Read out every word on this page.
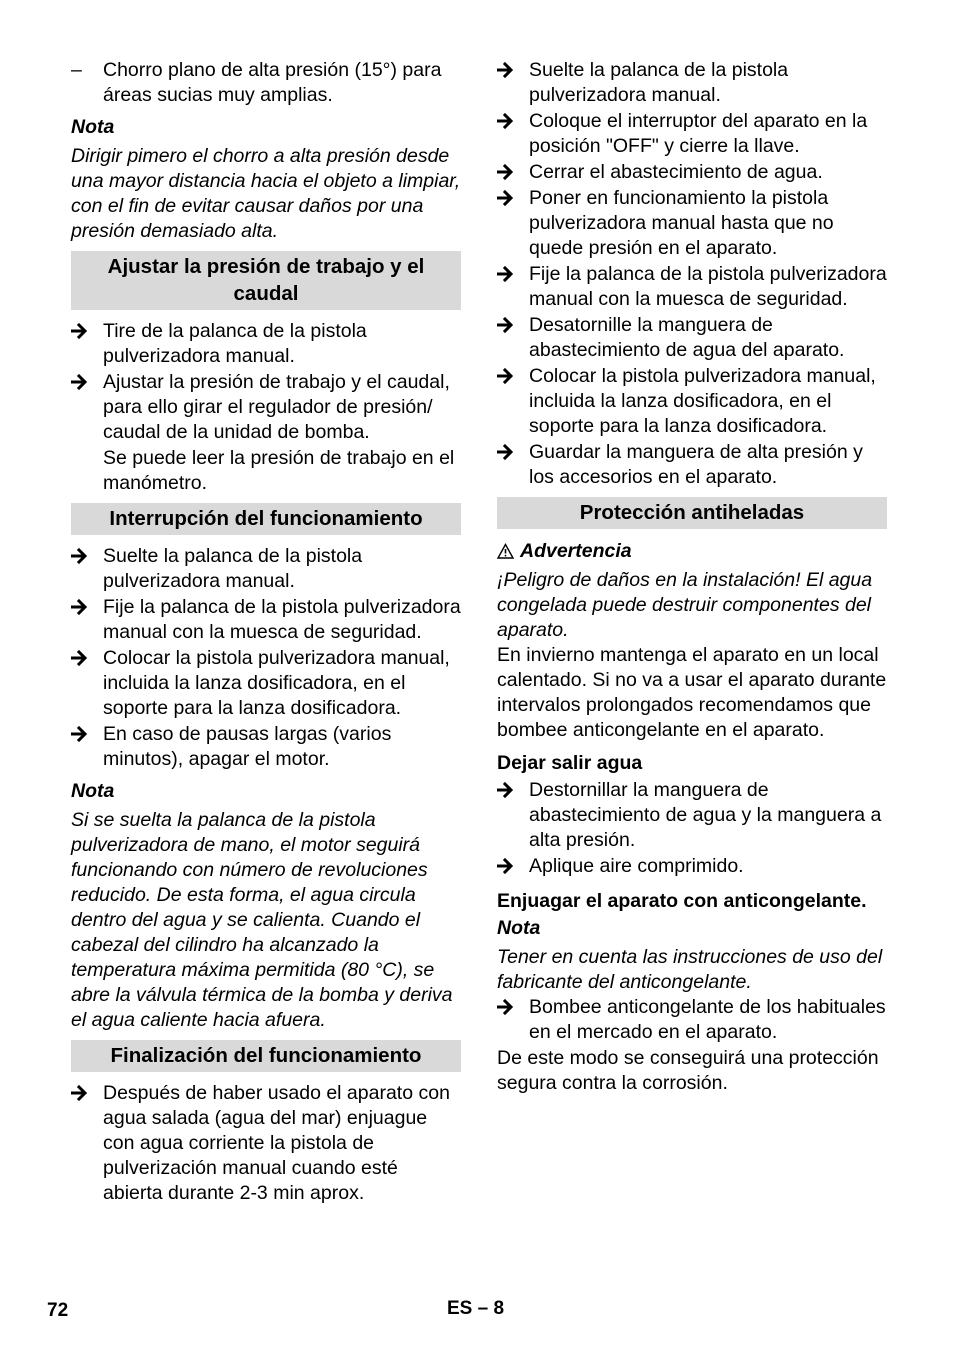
– Chorro plano de alta presión (15°) para áreas sucias muy amplias.
Nota
Dirigir pimero el chorro a alta presión desde una mayor distancia hacia el objeto a limpiar, con el fin de evitar causar daños por una presión demasiado alta.
Ajustar la presión de trabajo y el caudal
Tire de la palanca de la pistola pulverizadora manual.
Ajustar la presión de trabajo y el caudal, para ello girar el regulador de presión/ caudal de la unidad de bomba.
Se puede leer la presión de trabajo en el manómetro.
Interrupción del funcionamiento
Suelte la palanca de la pistola pulverizadora manual.
Fije la palanca de la pistola pulverizadora manual con la muesca de seguridad.
Colocar la pistola pulverizadora manual, incluida la lanza dosificadora, en el soporte para la lanza dosificadora.
En caso de pausas largas (varios minutos), apagar el motor.
Nota
Si se suelta la palanca de la pistola pulverizadora de mano, el motor seguirá funcionando con número de revoluciones reducido. De esta forma, el agua circula dentro del agua y se calienta. Cuando el cabezal del cilindro ha alcanzado la temperatura máxima permitida (80 °C), se abre la válvula térmica de la bomba y deriva el agua caliente hacia afuera.
Finalización del funcionamiento
Después de haber usado el aparato con agua salada (agua del mar) enjuague con agua corriente la pistola de pulverización manual cuando esté abierta durante 2-3 min aprox.
Suelte la palanca de la pistola pulverizadora manual.
Coloque el interruptor del aparato en la posición "OFF" y cierre la llave.
Cerrar el abastecimiento de agua.
Poner en funcionamiento la pistola pulverizadora manual hasta que no quede presión en el aparato.
Fije la palanca de la pistola pulverizadora manual con la muesca de seguridad.
Desatornille la manguera de abastecimiento de agua del aparato.
Colocar la pistola pulverizadora manual, incluida la lanza dosificadora, en el soporte para la lanza dosificadora.
Guardar la manguera de alta presión y los accesorios en el aparato.
Protección antiheladas
Advertencia
¡Peligro de daños en la instalación! El agua congelada puede destruir componentes del aparato.
En invierno mantenga el aparato en un local calentado. Si no va a usar el aparato durante intervalos prolongados recomendamos que bombee anticongelante en el aparato.
Dejar salir agua
Destornillar la manguera de abastecimiento de agua y la manguera a alta presión.
Aplique aire comprimido.
Enjuagar el aparato con anticongelante.
Nota
Tener en cuenta las instrucciones de uso del fabricante del anticongelante.
Bombee anticongelante de los habituales en el mercado en el aparato.
De este modo se conseguirá una protección segura contra la corrosión.
72	ES – 8
